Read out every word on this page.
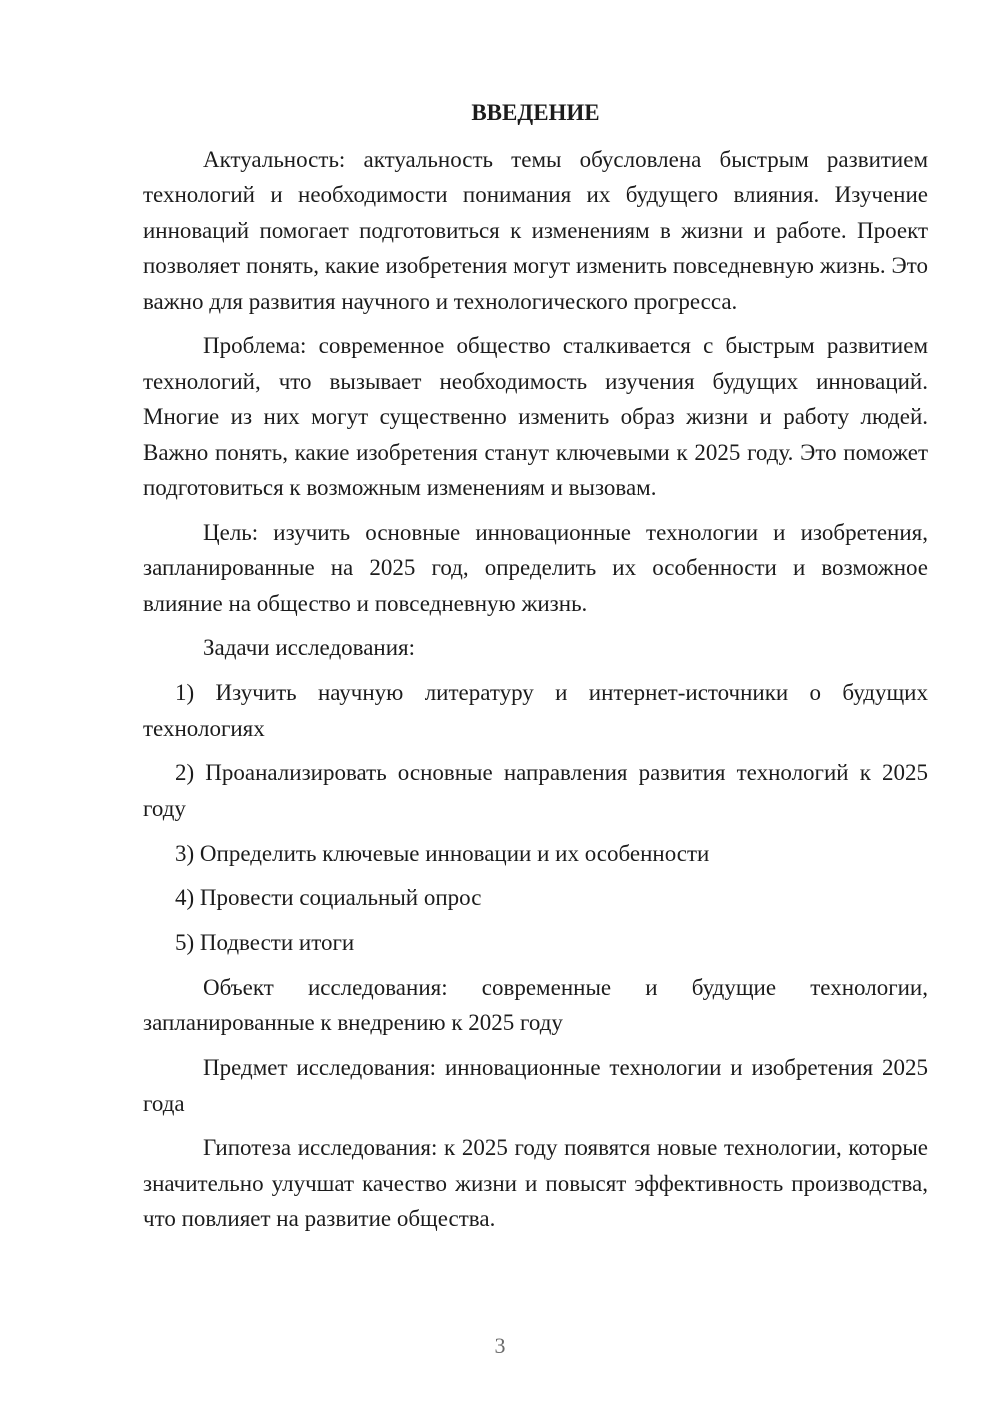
ВВЕДЕНИЕ

Актуальность: актуальность темы обусловлена быстрым развитием технологий и необходимости понимания их будущего влияния. Изучение инноваций помогает подготовиться к изменениям в жизни и работе. Проект позволяет понять, какие изобретения могут изменить повседневную жизнь. Это важно для развития научного и технологического прогресса.

Проблема: современное общество сталкивается с быстрым развитием технологий, что вызывает необходимость изучения будущих инноваций. Многие из них могут существенно изменить образ жизни и работу людей. Важно понять, какие изобретения станут ключевыми к 2025 году. Это поможет подготовиться к возможным изменениям и вызовам.

Цель: изучить основные инновационные технологии и изобретения, запланированные на 2025 год, определить их особенности и возможное влияние на общество и повседневную жизнь.

Задачи исследования:

1) Изучить научную литературу и интернет-источники о будущих технологиях

2) Проанализировать основные направления развития технологий к 2025 году

3) Определить ключевые инновации и их особенности

4) Провести социальный опрос

5) Подвести итоги

Объект исследования: современные и будущие технологии, запланированные к внедрению к 2025 году

Предмет исследования: инновационные технологии и изобретения 2025 года

Гипотеза исследования: к 2025 году появятся новые технологии, которые значительно улучшат качество жизни и повысят эффективность производства, что повлияет на развитие общества.

3
